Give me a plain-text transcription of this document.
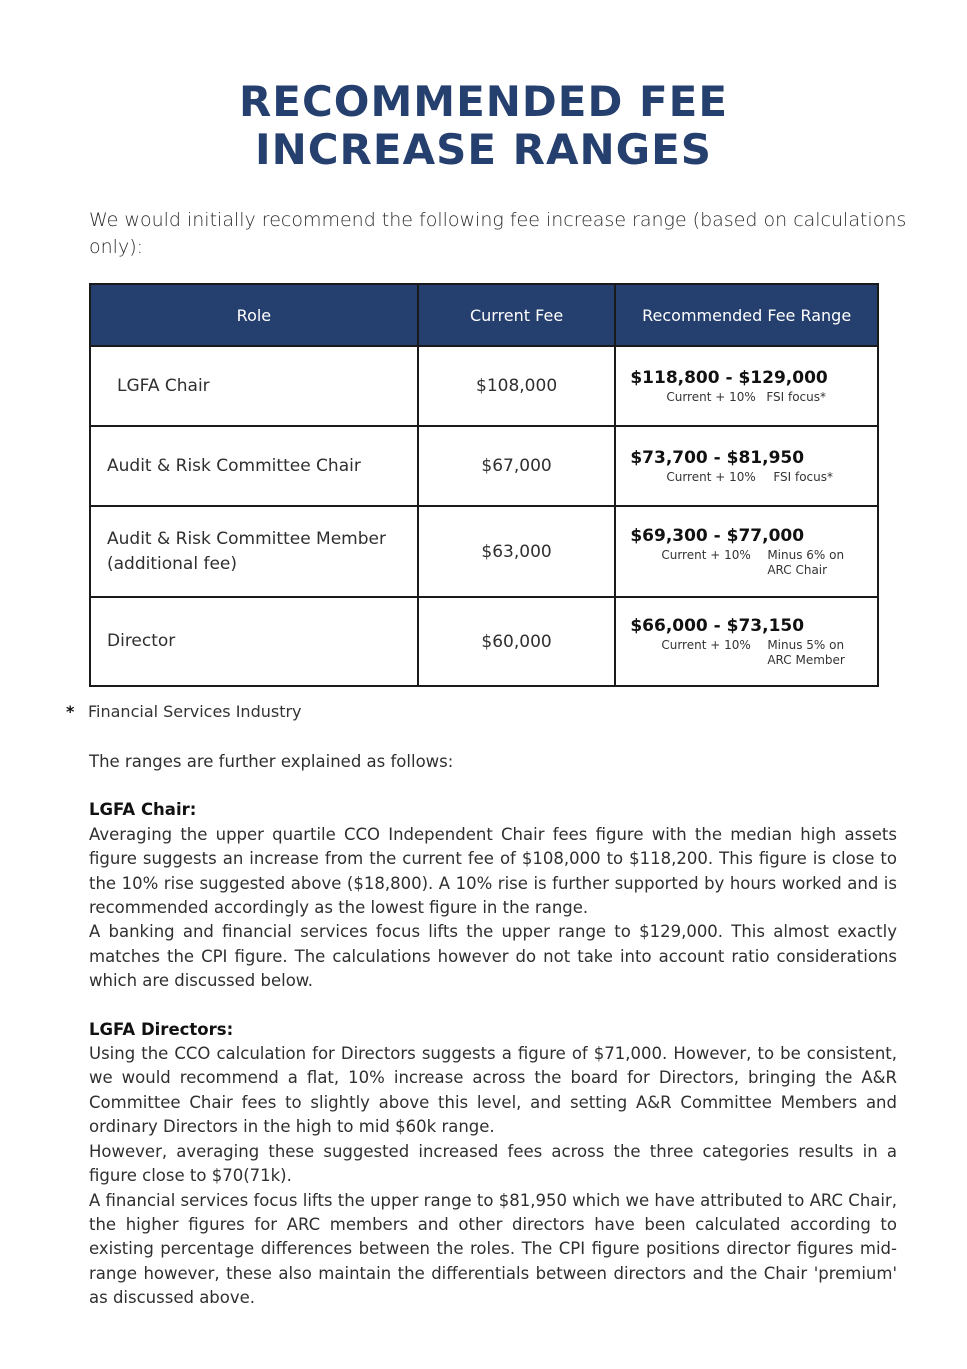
RECOMMENDED FEE
INCREASE RANGES
We would initially recommend the following fee increase range (based on calculations only):
Role	Current Fee	Recommended Fee Range
LGFA Chair	$108,000	$118,800 - $129,000
Current + 10% FSI focus*

Audit & Risk Committee Chair	$67,000	$73,700 - $81,950
Current + 10% FSI focus*

Audit & Risk Committee Member (additional fee)	$63,000	$69,300 - $77,000
Current + 10% Minus 6% on ARC Chair

Director	$60,000	$66,000 - $73,150
Current + 10% Minus 5% on ARC Member
* Financial Services Industry

The ranges are further explained as follows:

LGFA Chair:

Averaging the upper quartile CCO Independent Chair fees figure with the median high assets figure suggests an increase from the current fee of $108,000 to $118,200. This figure is close to the 10% rise suggested above ($18,800). A 10% rise is further supported by hours worked and is recommended accordingly as the lowest figure in the range.

A banking and financial services focus lifts the upper range to $129,000. This almost exactly matches the CPI figure. The calculations however do not take into account ratio considerations which are discussed below.

LGFA Directors:

Using the CCO calculation for Directors suggests a figure of $71,000. However, to be consistent, we would recommend a flat, 10% increase across the board for Directors, bringing the A&R Committee Chair fees to slightly above this level, and setting A&R Committee Members and ordinary Directors in the high to mid $60k range.

However, averaging these suggested increased fees across the three categories results in a figure close to $70(71k).

A financial services focus lifts the upper range to $81,950 which we have attributed to ARC Chair, the higher figures for ARC members and other directors have been calculated according to existing percentage differences between the roles. The CPI figure positions director figures mid-range however, these also maintain the differentials between directors and the Chair 'premium' as discussed above.
